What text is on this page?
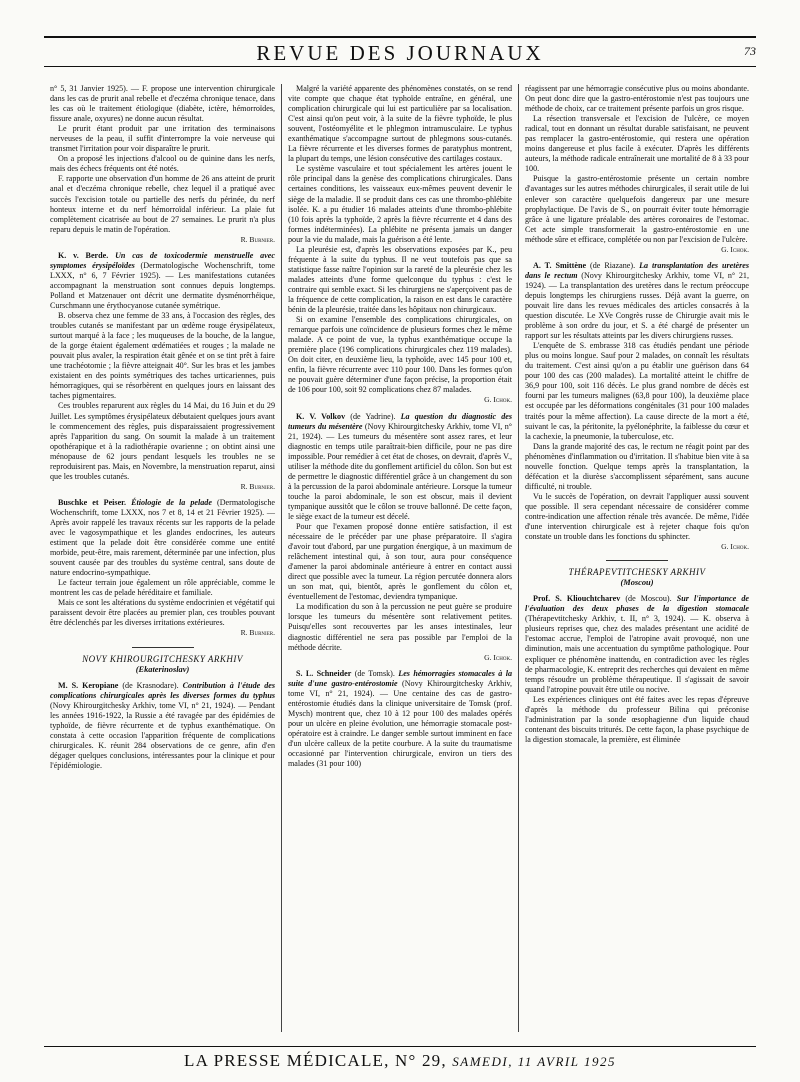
REVUE DES JOURNAUX	73

n° 5, 31 Janvier 1925). — F. propose une intervention chirurgicale dans les cas de prurit anal rebelle et d'eczéma chronique tenace, dans les cas où le traitement étiologique (diabète, ictère, hémorroïdes, fissure anale, oxyures) ne donne aucun résultat.

Le prurit étant produit par une irritation des terminaisons nerveuses de la peau, il suffit d'interrompre la voie nerveuse qui transmet l'irritation pour voir disparaître le prurit.

On a proposé les injections d'alcool ou de quinine dans les nerfs, mais des échecs fréquents ont été notés.

F. rapporte une observation d'un homme de 26 ans atteint de prurit anal et d'eczéma chronique rebelle, chez lequel il a pratiqué avec succès l'excision totale ou partielle des nerfs du périnée, du nerf honteux interne et du nerf hémorroïdal inférieur. La plaie fut complètement cicatrisée au bout de 27 semaines. Le prurit n'a plus reparu depuis le matin de l'opération.

R. Burnier.

K. v. Berde. Un cas de toxicodermie menstruelle avec symptomes érysipéloïdes (Dermatologische Wochenschrift, tome LXXX, n° 6, 7 Février 1925). — Les manifestations cutanées accompagnant la menstruation sont connues depuis longtemps. Polland et Matzenauer ont décrit une dermatite dysménorrhéique, Curschmann une érythocyanose cutanée symétrique.

B. observa chez une femme de 33 ans, à l'occasion des règles, des troubles cutanés se manifestant par un œdème rouge érysipélateux, surtout marqué à la face ; les muqueuses de la bouche, de la langue, de la gorge étaient également œdématiées et rouges ; la malade ne pouvait plus avaler, la respiration était gênée et on se tint prêt à faire une trachéotomie ; la fièvre atteignait 40°. Sur les bras et les jambes existaient en des points symétriques des taches urticariennes, puis hémorragiques, qui se résorbèrent en quelques jours en laissant des taches pigmentaires.

Ces troubles reparurent aux règles du 14 Mai, du 16 Juin et du 29 Juillet. Les symptômes érysipélateux débutaient quelques jours avant le commencement des règles, puis disparaissaient progressivement après l'apparition du sang. On soumit la malade à un traitement opothérapique et à la radiothérapie ovarienne ; on obtint ainsi une ménopause de 62 jours pendant lesquels les troubles ne se reproduisirent pas. Mais, en Novembre, la menstruation reparut, ainsi que les troubles cutanés.

R. Burnier.

Buschke et Peiser. Étiologie de la pelade (Dermatologische Wochenschrift, tome LXXX, nos 7 et 8, 14 et 21 Février 1925). — Après avoir rappelé les travaux récents sur les rapports de la pelade avec le vagosympathique et les glandes endocrines, les auteurs estiment que la pelade doit être considérée comme une entité morbide, peut-être, mais rarement, déterminée par une infection, plus souvent causée par des troubles du système central, sans doute de nature endocrino-sympathique.

Le facteur terrain joue également un rôle appréciable, comme le montrent les cas de pelade héréditaire et familiale.

Mais ce sont les altérations du système endocrinien et végétatif qui paraissent devoir être placées au premier plan, ces troubles pouvant être déclenchés par les diverses irritations extérieures.

R. Burnier.
NOVY KHIROURGITCHESKY ARKHIV
(Ekaterinoslav)

M. S. Keropiane (de Krasnodare). Contribution à l'étude des complications chirurgicales après les diverses formes du typhus (Novy Khirourgitchesky Arkhiv, tome VI, n° 21, 1924). — Pendant les années 1916-1922, la Russie a été ravagée par des épidémies de typhoïde, de fièvre récurrente et de typhus exanthématique. On constata à cette occasion l'apparition fréquente de complications chirurgicales. K. réunit 284 observations de ce genre, afin d'en dégager quelques conclusions, intéressantes pour la clinique et pour l'épidémiologie.

Malgré la variété apparente des phénomènes constatés, on se rend vite compte que chaque état typhoïde entraîne, en général, une complication chirurgicale qui lui est particulière par sa localisation. C'est ainsi qu'on peut voir, à la suite de la fièvre typhoïde, le plus souvent, l'ostéomyélite et le phlegmon intramusculaire. Le typhus exanthématique s'accompagne surtout de phlegmons sous-cutanés. La fièvre récurrente et les diverses formes de paratyphus montrent, la plupart du temps, une lésion consécutive des cartilages costaux.

Le système vasculaire et tout spécialement les artères jouent le rôle principal dans la genèse des complications chirurgicales. Dans certaines conditions, les vaisseaux eux-mêmes peuvent devenir le siège de la maladie. Il se produit dans ces cas une thrombo-phlébite isolée. K. a pu étudier 16 malades atteints d'une thrombo-phlébite (10 fois après la typhoïde, 2 après la fièvre récurrente et 4 dans des formes indéterminées). La phlébite ne présenta jamais un danger pour la vie du malade, mais la guérison a été lente.

La pleurésie est, d'après les observations exposées par K., peu fréquente à la suite du typhus. Il ne veut toutefois pas que sa statistique fasse naître l'opinion sur la rareté de la pleurésie chez les malades atteints d'une forme quelconque du typhus : c'est le contraire qui semble exact. Si les chirurgiens ne s'aperçoivent pas de la fréquence de cette complication, la raison en est dans le caractère bénin de la pleurésie, traitée dans les hôpitaux non chirurgicaux.

Si on examine l'ensemble des complications chirurgicales, on remarque parfois une coïncidence de plusieurs formes chez le même malade. A ce point de vue, la typhus exanthématique occupe la première place (196 complications chirurgicales chez 119 malades). On doit citer, en deuxième lieu, la typhoïde, avec 145 pour 100 et, enfin, la fièvre récurrente avec 110 pour 100. Dans les formes qu'on ne pouvait guère déterminer d'une façon précise, la proportion était de 106 pour 100, soit 92 complications chez 87 malades.

G. Ichok.

K. V. Volkov (de Yadrine). La question du diagnostic des tumeurs du mésentère (Novy Khirourgitchesky Arkhiv, tome VI, n° 21, 1924). — Les tumeurs du mésentère sont assez rares, et leur diagnostic en temps utile paraîtrait-bien difficile, pour ne pas dire impossible. Pour remédier à cet état de choses, on devrait, d'après V., utiliser la méthode dite du gonflement artificiel du côlon. Son but est de permettre le diagnostic différentiel grâce à un changement du son à la percussion de la paroi abdominale antérieure. Lorsque la tumeur touche la paroi abdominale, le son est obscur, mais il devient tympanique aussitôt que le côlon se trouve ballonné. De cette façon, le siège exact de la tumeur est décelé.

Pour que l'examen proposé donne entière satisfaction, il est nécessaire de le précéder par une phase préparatoire. Il s'agira d'avoir tout d'abord, par une purgation énergique, à un maximum de relâchement intestinal qui, à son tour, aura pour conséquence d'amener la paroi abdominale antérieure à entrer en contact aussi direct que possible avec la tumeur. La région percutée donnera alors un son mat, qui, bientôt, après le gonflement du côlon et, éventuellement de l'estomac, deviendra tympanique.

La modification du son à la percussion ne peut guère se produire lorsque les tumeurs du mésentère sont relativement petites. Puisqu'elles sont recouvertes par les anses intestinales, leur diagnostic différentiel ne sera pas possible par l'emploi de la méthode décrite.

G. Ichok.

S. L. Schneider (de Tomsk). Les hémorragies stomacales à la suite d'une gastro-entérostomie (Novy Khirourgitchesky Arkhiv, tome VI, n° 21, 1924). — Une centaine des cas de gastro-entérostomie étudiés dans la clinique universitaire de Tomsk (prof. Mysch) montrent que, chez 10 à 12 pour 100 des malades opérés pour un ulcère en pleine évolution, une hémorragie stomacale post-opératoire est à craindre. Le danger semble surtout imminent en face d'un ulcère calleux de la petite courbure. A la suite du traumatisme occasionné par l'intervention chirurgicale, environ un tiers des malades (31 pour 100)

réagissent par une hémorragie consécutive plus ou moins abondante. On peut donc dire que la gastro-entérostomie n'est pas toujours une méthode de choix, car ce traitement présente parfois un gros risque.

La résection transversale et l'excision de l'ulcère, ce moyen radical, tout en donnant un résultat durable satisfaisant, ne peuvent pas remplacer la gastro-entérostomie, qui restera une opération moins dangereuse et plus facile à exécuter. D'après les différents auteurs, la méthode radicale entraînerait une mortalité de 8 à 33 pour 100.

Puisque la gastro-entérostomie présente un certain nombre d'avantages sur les autres méthodes chirurgicales, il serait utile de lui enlever son caractère quelquefois dangereux par une mesure prophylactique. De l'avis de S., on pourrait éviter toute hémorragie grâce à une ligature préalable des artères coronaires de l'estomac. Cet acte simple transformerait la gastro-entérostomie en une méthode sûre et efficace, complétée ou non par l'excision de l'ulcère.

G. Ichok.

A. T. Smittène (de Riazane). La transplantation des uretères dans le rectum (Novy Khirourgitchesky Arkhiv, tome VI, n° 21, 1924). — La transplantation des uretères dans le rectum préoccupe depuis longtemps les chirurgiens russes. Déjà avant la guerre, on pouvait lire dans les revues médicales des articles consacrés à la question discutée. Le XVe Congrès russe de Chirurgie avait mis le problème à son ordre du jour, et S. a été chargé de présenter un rapport sur les résultats atteints par les divers chirurgiens russes.

L'enquête de S. embrasse 318 cas étudiés pendant une période plus ou moins longue. Sauf pour 2 malades, on connaît les résultats du traitement. C'est ainsi qu'on a pu établir une guérison dans 64 pour 100 des cas (200 malades). La mortalité atteint le chiffre de 36,9 pour 100, soit 116 décès. Le plus grand nombre de décès est fourni par les tumeurs malignes (63,8 pour 100), la deuxième place est occupée par les déformations congénitales (31 pour 100 malades traités pour la même affection). La cause directe de la mort a été, suivant le cas, la péritonite, la pyélonéphrite, la faiblesse du cœur et la cachexie, la pneumonie, la tuberculose, etc.

Dans la grande majorité des cas, le rectum ne réagit point par des phénomènes d'inflammation ou d'irritation. Il s'habitue bien vite à sa nouvelle fonction. Quelque temps après la transplantation, la défécation et la diurèse s'accomplissent séparément, sans aucune difficulté, ni trouble.

Vu le succès de l'opération, on devrait l'appliquer aussi souvent que possible. Il sera cependant nécessaire de considérer comme contre-indication une affection rénale très avancée. De même, l'idée d'une intervention chirurgicale est à rejeter chaque fois qu'on constate un trouble dans les fonctions du sphincter.

G. Ichok.
THÉRAPEVTITCHESKY ARKHIV
(Moscou)

Prof. S. Kliouchtcharev (de Moscou). Sur l'importance de l'évaluation des deux phases de la digestion stomacale (Thérapevtitchesky Arkhiv, t. II, n° 3, 1924). — K. observa à plusieurs reprises que, chez des malades présentant une acidité de l'estomac accrue, l'emploi de l'atropine avait provoqué, non une diminution, mais une accentuation du symptôme pathologique. Pour expliquer ce phénomène inattendu, en contradiction avec les règles de pharmacologie, K. entreprit des recherches qui devaient en même temps résoudre un problème thérapeutique. Il s'agissait de savoir quand l'atropine pouvait être utile ou nocive.

Les expériences cliniques ont été faites avec les repas d'épreuve d'après la méthode du professeur Bilina qui préconise l'administration par la sonde œsophagienne d'un liquide chaud contenant des biscuits triturés. De cette façon, la phase psychique de la digestion stomacale, la première, est éliminée

LA PRESSE MÉDICALE, N° 29, SAMEDI, 11 AVRIL 1925
